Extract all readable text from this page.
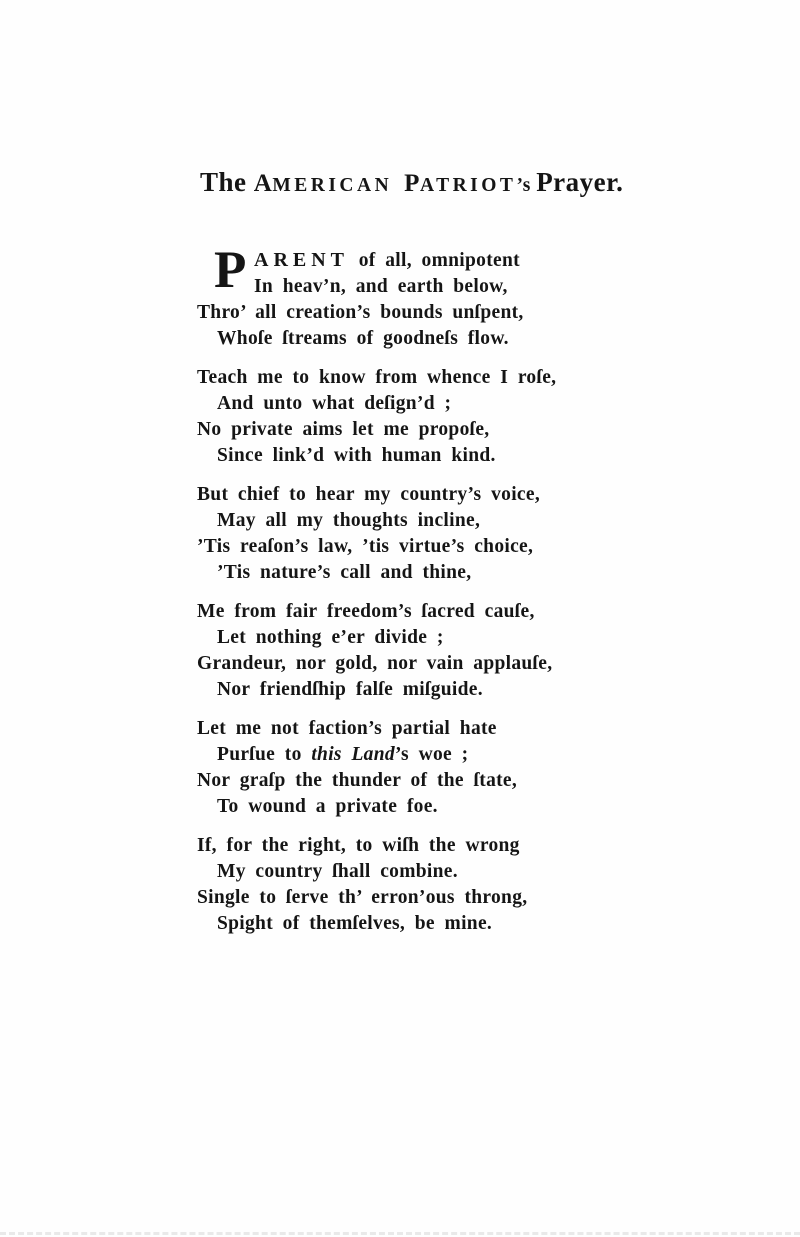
The AMERICAN PATRIOT’s Prayer.
P ARENT of all, omnipotent
In heav’n, and earth below,
Thro’ all creation’s bounds unſpent,
Whoſe ſtreams of goodneſs flow.
Teach me to know from whence I roſe,
And unto what deſign’d ;
No private aims let me propoſe,
Since link’d with human kind.
But chief to hear my country’s voice,
May all my thoughts incline,
’Tis reaſon’s law, ’tis virtue’s choice,
’Tis nature’s call and thine,
Me from fair freedom’s ſacred cauſe,
Let nothing e’er divide ;
Grandeur, nor gold, nor vain applauſe,
Nor friendſhip falſe miſguide.
Let me not faction’s partial hate
Purſue to this Land’s woe ;
Nor graſp the thunder of the ſtate,
To wound a private foe.
If, for the right, to wiſh the wrong
My country ſhall combine.
Single to ſerve th’ erron’ous throng,
Spight of themſelves, be mine.
